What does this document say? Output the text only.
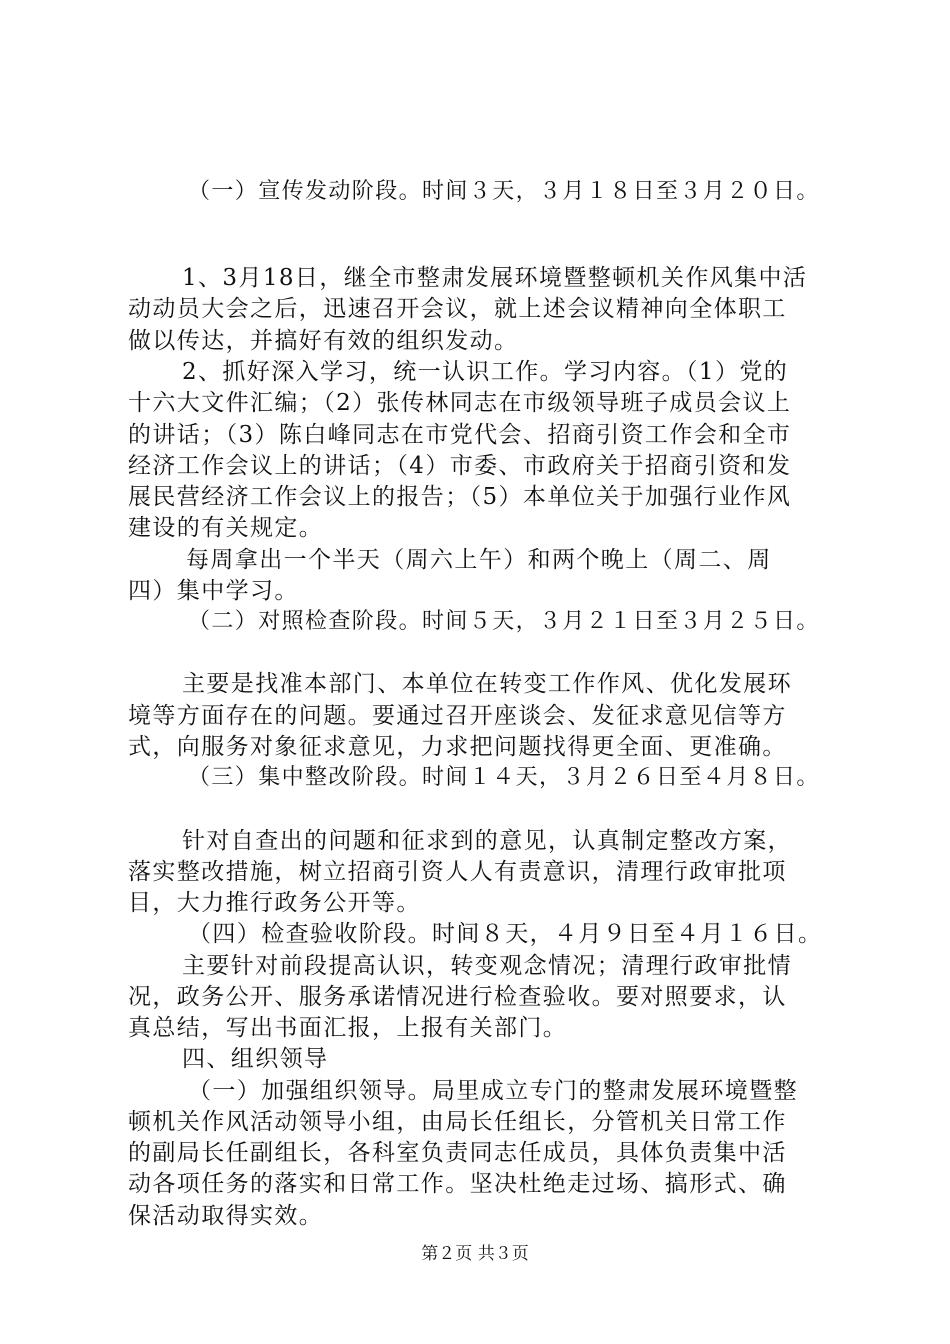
（一）宣传发动阶段。时间３天，３月１８日至３月２０日。
1、3月18日，继全市整肃发展环境暨整顿机关作风集中活
动动员大会之后，迅速召开会议，就上述会议精神向全体职工
做以传达，并搞好有效的组织发动。
2、抓好深入学习，统一认识工作。学习内容。（1）党的
十六大文件汇编；（2）张传林同志在市级领导班子成员会议上
的讲话；（3）陈白峰同志在市党代会、招商引资工作会和全市
经济工作会议上的讲话；（4）市委、市政府关于招商引资和发
展民营经济工作会议上的报告；（5）本单位关于加强行业作风
建设的有关规定。
每周拿出一个半天（周六上午）和两个晚上（周二、周
四）集中学习。
（二）对照检查阶段。时间５天，３月２１日至３月２５日。
主要是找准本部门、本单位在转变工作作风、优化发展环
境等方面存在的问题。要通过召开座谈会、发征求意见信等方
式，向服务对象征求意见，力求把问题找得更全面、更准确。
（三）集中整改阶段。时间１４天，３月２６日至４月８日。
针对自查出的问题和征求到的意见，认真制定整改方案，
落实整改措施，树立招商引资人人有责意识，清理行政审批项
目，大力推行政务公开等。
（四）检查验收阶段。时间８天，４月９日至４月１６日。
主要针对前段提高认识，转变观念情况；清理行政审批情
况，政务公开、服务承诺情况进行检查验收。要对照要求，认
真总结，写出书面汇报，上报有关部门。
四、组织领导
（一）加强组织领导。局里成立专门的整肃发展环境暨整
顿机关作风活动领导小组，由局长任组长，分管机关日常工作
的副局长任副组长，各科室负责同志任成员，具体负责集中活
动各项任务的落实和日常工作。坚决杜绝走过场、搞形式、确
保活动取得实效。
第２页 共３页
